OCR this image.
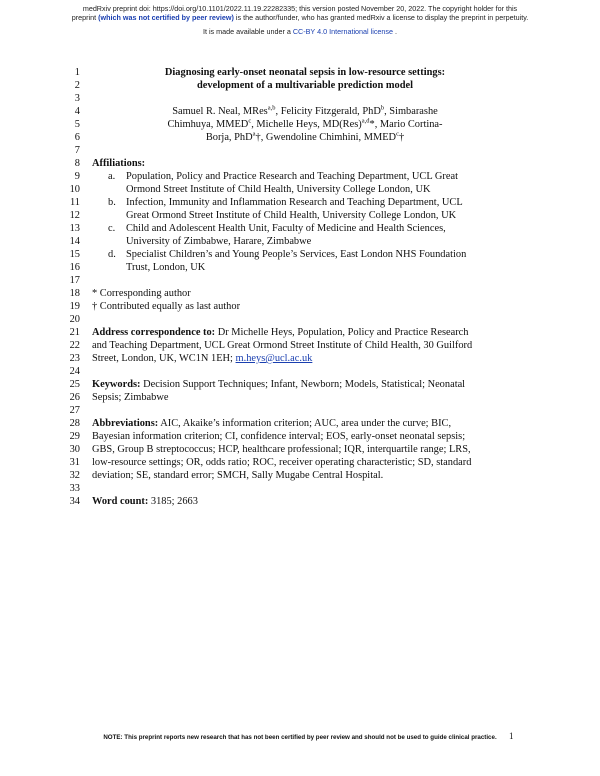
medRxiv preprint doi: https://doi.org/10.1101/2022.11.19.22282335; this version posted November 20, 2022. The copyright holder for this
preprint (which was not certified by peer review) is the author/funder, who has granted medRxiv a license to display the preprint in perpetuity.
It is made available under a CC-BY 4.0 International license .
1
2
3
4
5
6
7
8
9
10
11
12
13
14
15
16
17
18
19
20
21
22
23
24
25
26
27
28
29
30
31
32
33
34
Diagnosing early-onset neonatal sepsis in low-resource settings:
development of a multivariable prediction model
Samuel R. Neal, MRes$^{a,b}$, Felicity Fitzgerald, PhD$^b$, Simbarashe
Chimhuya, MMED$^c$, Michelle Heys, MD(Res)$^{a,d}$*, Mario Cortina-
Borja, PhD$^a$†, Gwendoline Chimhini, MMED$^c$†
Affiliations:
a. Population, Policy and Practice Research and Teaching Department, UCL Great
Ormond Street Institute of Child Health, University College London, UK
b. Infection, Immunity and Inflammation Research and Teaching Department, UCL
Great Ormond Street Institute of Child Health, University College London, UK
c. Child and Adolescent Health Unit, Faculty of Medicine and Health Sciences,
University of Zimbabwe, Harare, Zimbabwe
d. Specialist Children’s and Young People’s Services, East London NHS Foundation
Trust, London, UK
* Corresponding author
† Contributed equally as last author
Address correspondence to: Dr Michelle Heys, Population, Policy and Practice Research
and Teaching Department, UCL Great Ormond Street Institute of Child Health, 30 Guilford
Street, London, UK, WC1N 1EH; m.heys@ucl.ac.uk
Keywords: Decision Support Techniques; Infant, Newborn; Models, Statistical; Neonatal
Sepsis; Zimbabwe
Abbreviations: AIC, Akaike’s information criterion; AUC, area under the curve; BIC,
Bayesian information criterion; CI, confidence interval; EOS, early-onset neonatal sepsis;
GBS, Group B streptococcus; HCP, healthcare professional; IQR, interquartile range; LRS,
low-resource settings; OR, odds ratio; ROC, receiver operating characteristic; SD, standard
deviation; SE, standard error; SMCH, Sally Mugabe Central Hospital.
Word count: 3185; 2663
NOTE: This preprint reports new research that has not been certified by peer review and should not be used to guide clinical practice.	1
